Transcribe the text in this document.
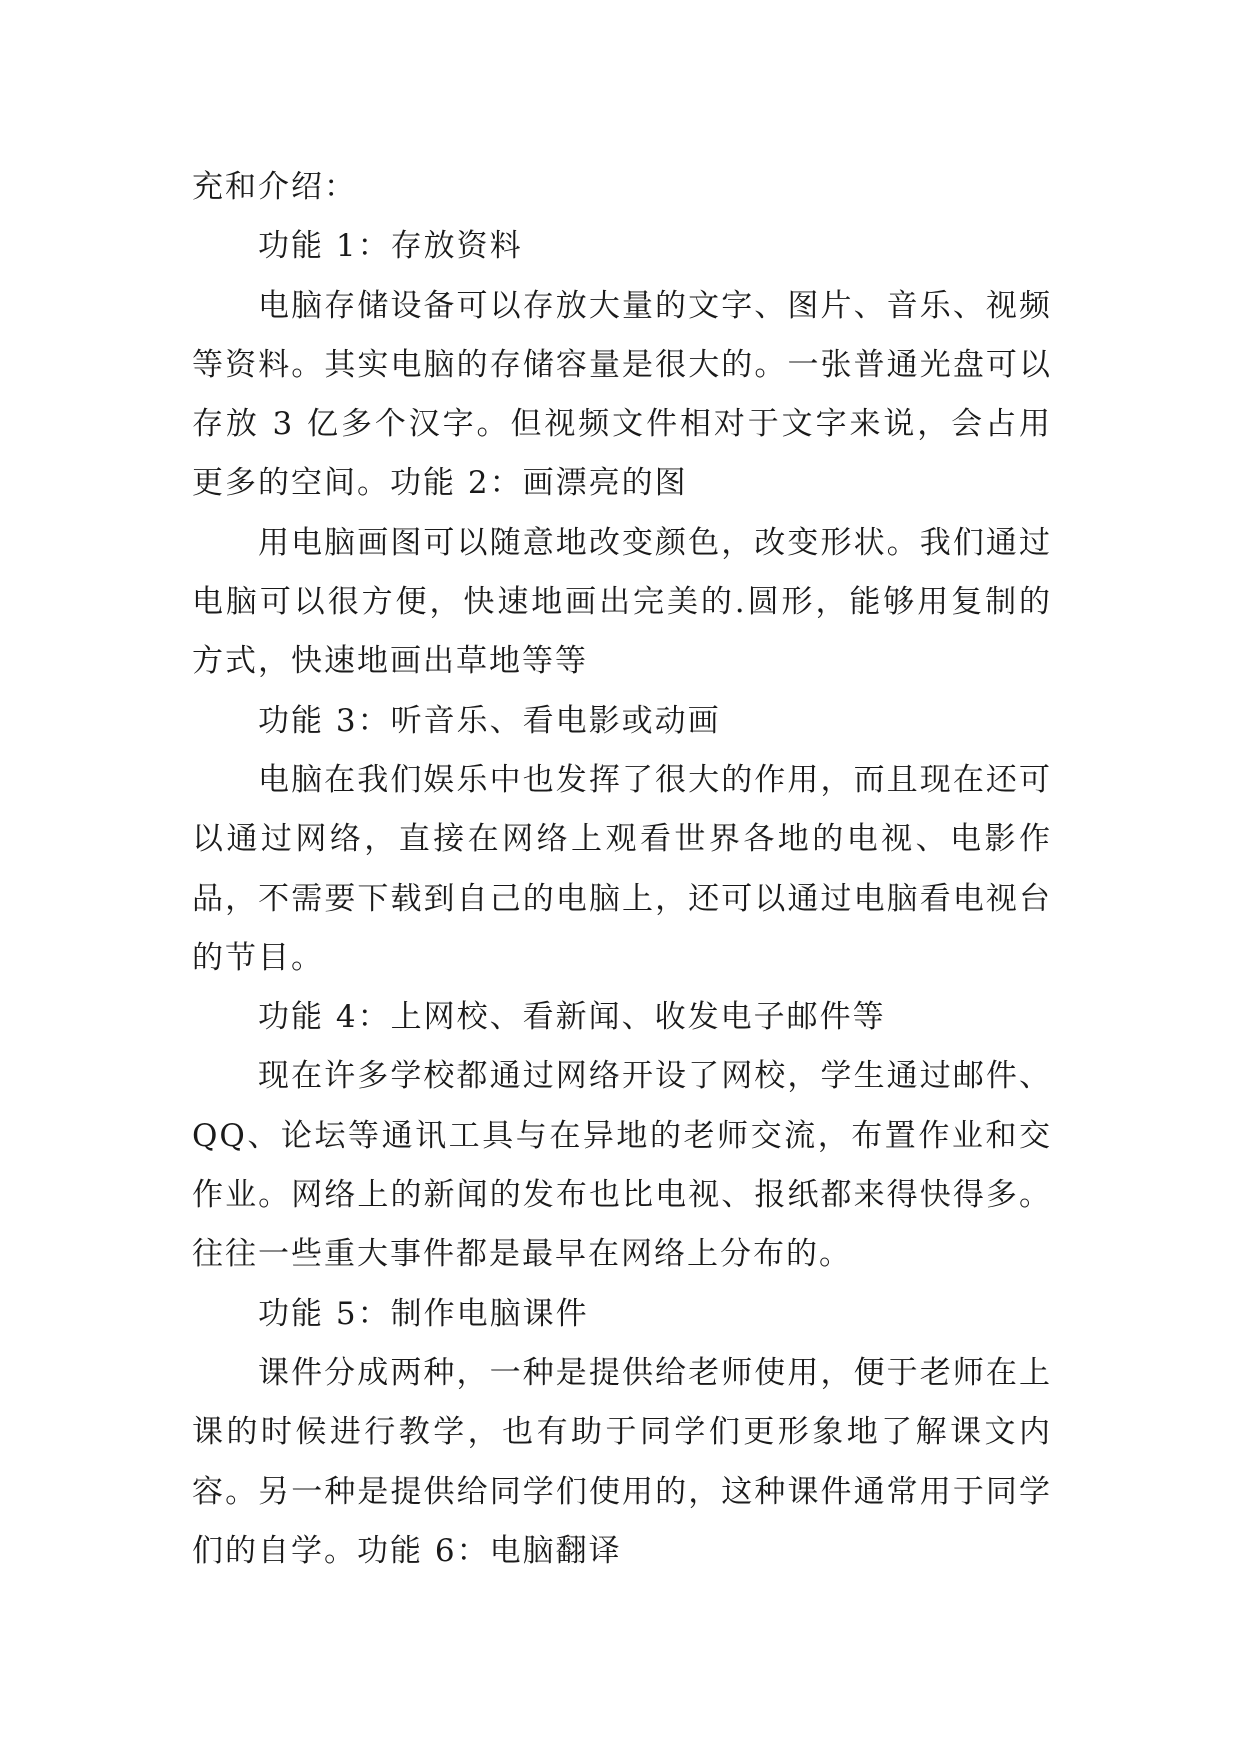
充和介绍：

功能 1：存放资料

电脑存储设备可以存放大量的文字、图片、音乐、视频等资料。其实电脑的存储容量是很大的。一张普通光盘可以存放 3 亿多个汉字。但视频文件相对于文字来说，会占用更多的空间。功能 2：画漂亮的图

用电脑画图可以随意地改变颜色，改变形状。我们通过电脑可以很方便，快速地画出完美的.圆形，能够用复制的方式，快速地画出草地等等

功能 3：听音乐、看电影或动画

电脑在我们娱乐中也发挥了很大的作用，而且现在还可以通过网络，直接在网络上观看世界各地的电视、电影作品，不需要下载到自己的电脑上，还可以通过电脑看电视台的节目。

功能 4：上网校、看新闻、收发电子邮件等

现在许多学校都通过网络开设了网校，学生通过邮件、QQ、论坛等通讯工具与在异地的老师交流，布置作业和交作业。网络上的新闻的发布也比电视、报纸都来得快得多。往往一些重大事件都是最早在网络上分布的。

功能 5：制作电脑课件

课件分成两种，一种是提供给老师使用，便于老师在上课的时候进行教学，也有助于同学们更形象地了解课文内容。另一种是提供给同学们使用的，这种课件通常用于同学们的自学。功能 6：电脑翻译
